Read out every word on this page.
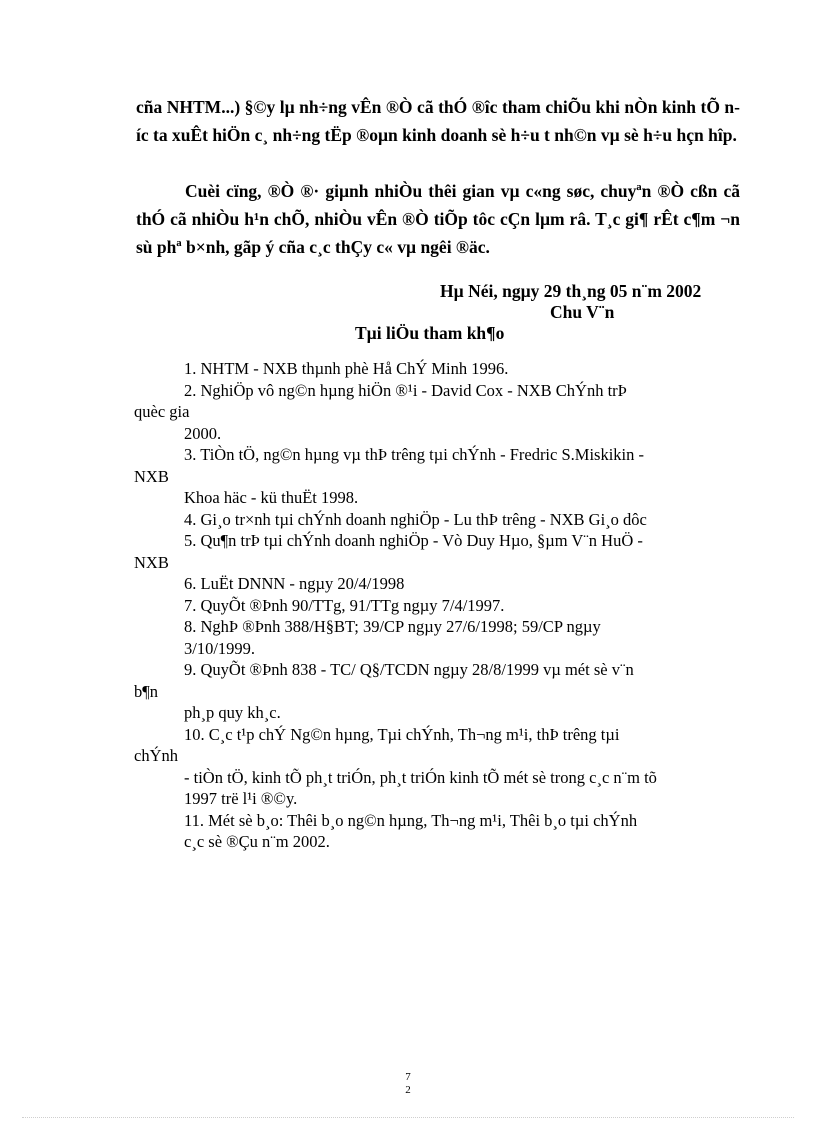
cña NHTM...) §©y lµ nh÷ng vÊn ®Ò cã thÓ ®îc tham chiÕu khi nÒn kinh tÕ níc ta xuÊt hiÖn c¸ nh÷ng tËp ®oµn kinh doanh sè h÷u t nh©n vµ sè h÷u hçn hîp.

Cuèi cïng, ®Ò ®· giµnh nhiÒu thêi gian vµ c«ng søc, chuyªn ®Ò cßn cã thÓ cã nhiÒu h¹n chÕ, nhiÒu vÊn ®Ò tiÕp tôc cÇn lµm râ. T¸c gi¶ rÊt c¶m ¬n sù phª b×nh, gãp ý cña c¸c thÇy c« vµ ngêi ®äc.

Hµ Néi, ngµy 29 th¸ng 05 n¨m 2002

Chu V¨n

Tµi liÖu tham kh¶o

1. NHTM - NXB thµnh phè Hå ChÝ Minh 1996.
2. NghiÖp vô ng©n hµng hiÖn ®¹i - David Cox - NXB ChÝnh trÞ
quèc gia
2000.
3. TiÒn tÖ, ng©n hµng vµ thÞ trêng tµi chÝnh - Fredric S.Miskikin -
NXB
Khoa häc - kü thuËt 1998.
4. Gi¸o tr×nh tµi chÝnh doanh nghiÖp - Lu thÞ trêng - NXB Gi¸o dôc
5. Qu¶n trÞ tµi chÝnh doanh nghiÖp - Vò Duy Hµo, §µm V¨n HuÖ -
NXB
6. LuËt DNNN - ngµy 20/4/1998
7. QuyÕt ®Þnh 90/TTg, 91/TTg ngµy 7/4/1997.
8. NghÞ ®Þnh 388/H§BT; 39/CP ngµy 27/6/1998; 59/CP ngµy
3/10/1999.
9. QuyÕt ®Þnh 838 - TC/ Q§/TCDN ngµy 28/8/1999 vµ mét sè v¨n
b¶n
ph¸p quy kh¸c.
10. C¸c t¹p chÝ Ng©n hµng, Tµi chÝnh, Th¬ng m¹i, thÞ trêng tµi
chÝnh
- tiÒn tÖ, kinh tÕ ph¸t triÓn, ph¸t triÓn kinh tÕ mét sè trong c¸c n¨m tõ
1997 trë l¹i ®©y.
11. Mét sè b¸o: Thêi b¸o ng©n hµng, Th¬ng m¹i, Thêi b¸o tµi chÝnh
c¸c sè ®Çu n¨m 2002.
7
2
